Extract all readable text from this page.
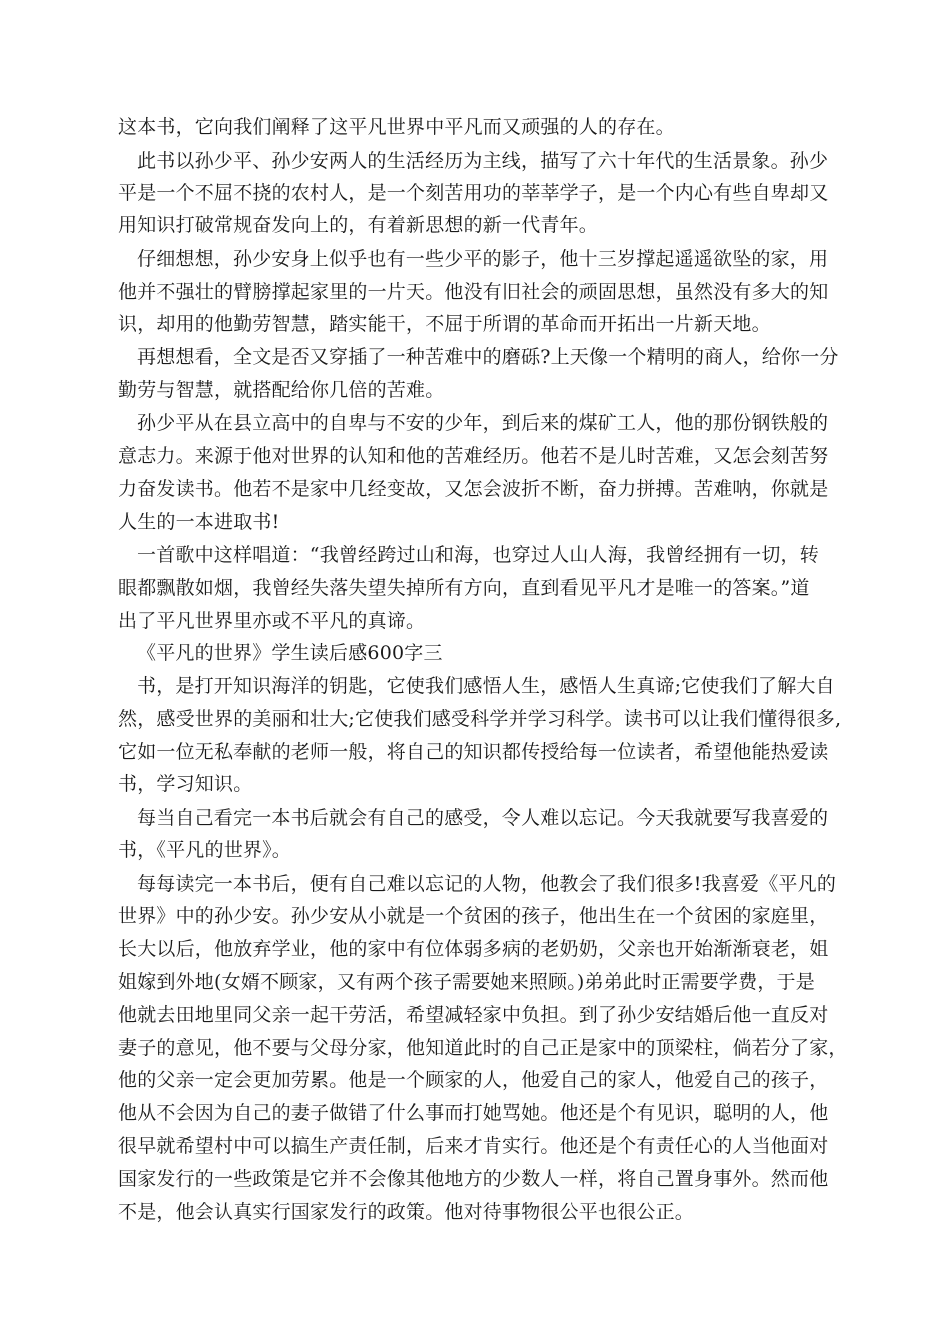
这本书，它向我们阐释了这平凡世界中平凡而又顽强的人的存在。
此书以孙少平、孙少安两人的生活经历为主线，描写了六十年代的生活景象。孙少
平是一个不屈不挠的农村人，是一个刻苦用功的莘莘学子，是一个内心有些自卑却又
用知识打破常规奋发向上的，有着新思想的新一代青年。
仔细想想，孙少安身上似乎也有一些少平的影子，他十三岁撑起遥遥欲坠的家，用
他并不强壮的臂膀撑起家里的一片天。他没有旧社会的顽固思想，虽然没有多大的知
识，却用的他勤劳智慧，踏实能干，不屈于所谓的革命而开拓出一片新天地。
再想想看，全文是否又穿插了一种苦难中的磨砾?上天像一个精明的商人，给你一分
勤劳与智慧，就搭配给你几倍的苦难。
孙少平从在县立高中的自卑与不安的少年，到后来的煤矿工人，他的那份钢铁般的
意志力。来源于他对世界的认知和他的苦难经历。他若不是儿时苦难，又怎会刻苦努
力奋发读书。他若不是家中几经变故，又怎会波折不断，奋力拼搏。苦难呐，你就是
人生的一本进取书!
一首歌中这样唱道：“我曾经跨过山和海，也穿过人山人海，我曾经拥有一切，转
眼都飘散如烟，我曾经失落失望失掉所有方向，直到看见平凡才是唯一的答案。”道
出了平凡世界里亦或不平凡的真谛。
《平凡的世界》学生读后感600字三
书，是打开知识海洋的钥匙，它使我们感悟人生，感悟人生真谛;它使我们了解大自
然，感受世界的美丽和壮大;它使我们感受科学并学习科学。读书可以让我们懂得很多,
它如一位无私奉献的老师一般，将自己的知识都传授给每一位读者，希望他能热爱读
书，学习知识。
每当自己看完一本书后就会有自己的感受，令人难以忘记。今天我就要写我喜爱的
书，《平凡的世界》。
每每读完一本书后，便有自己难以忘记的人物，他教会了我们很多!我喜爱《平凡的
世界》中的孙少安。孙少安从小就是一个贫困的孩子，他出生在一个贫困的家庭里，
长大以后，他放弃学业，他的家中有位体弱多病的老奶奶，父亲也开始渐渐衰老，姐
姐嫁到外地(女婿不顾家，又有两个孩子需要她来照顾。)弟弟此时正需要学费，于是
他就去田地里同父亲一起干劳活，希望减轻家中负担。到了孙少安结婚后他一直反对
妻子的意见，他不要与父母分家，他知道此时的自己正是家中的顶梁柱，倘若分了家，
他的父亲一定会更加劳累。他是一个顾家的人，他爱自己的家人，他爱自己的孩子，
他从不会因为自己的妻子做错了什么事而打她骂她。他还是个有见识，聪明的人，他
很早就希望村中可以搞生产责任制，后来才肯实行。他还是个有责任心的人当他面对
国家发行的一些政策是它并不会像其他地方的少数人一样，将自己置身事外。然而他
不是，他会认真实行国家发行的政策。他对待事物很公平也很公正。
